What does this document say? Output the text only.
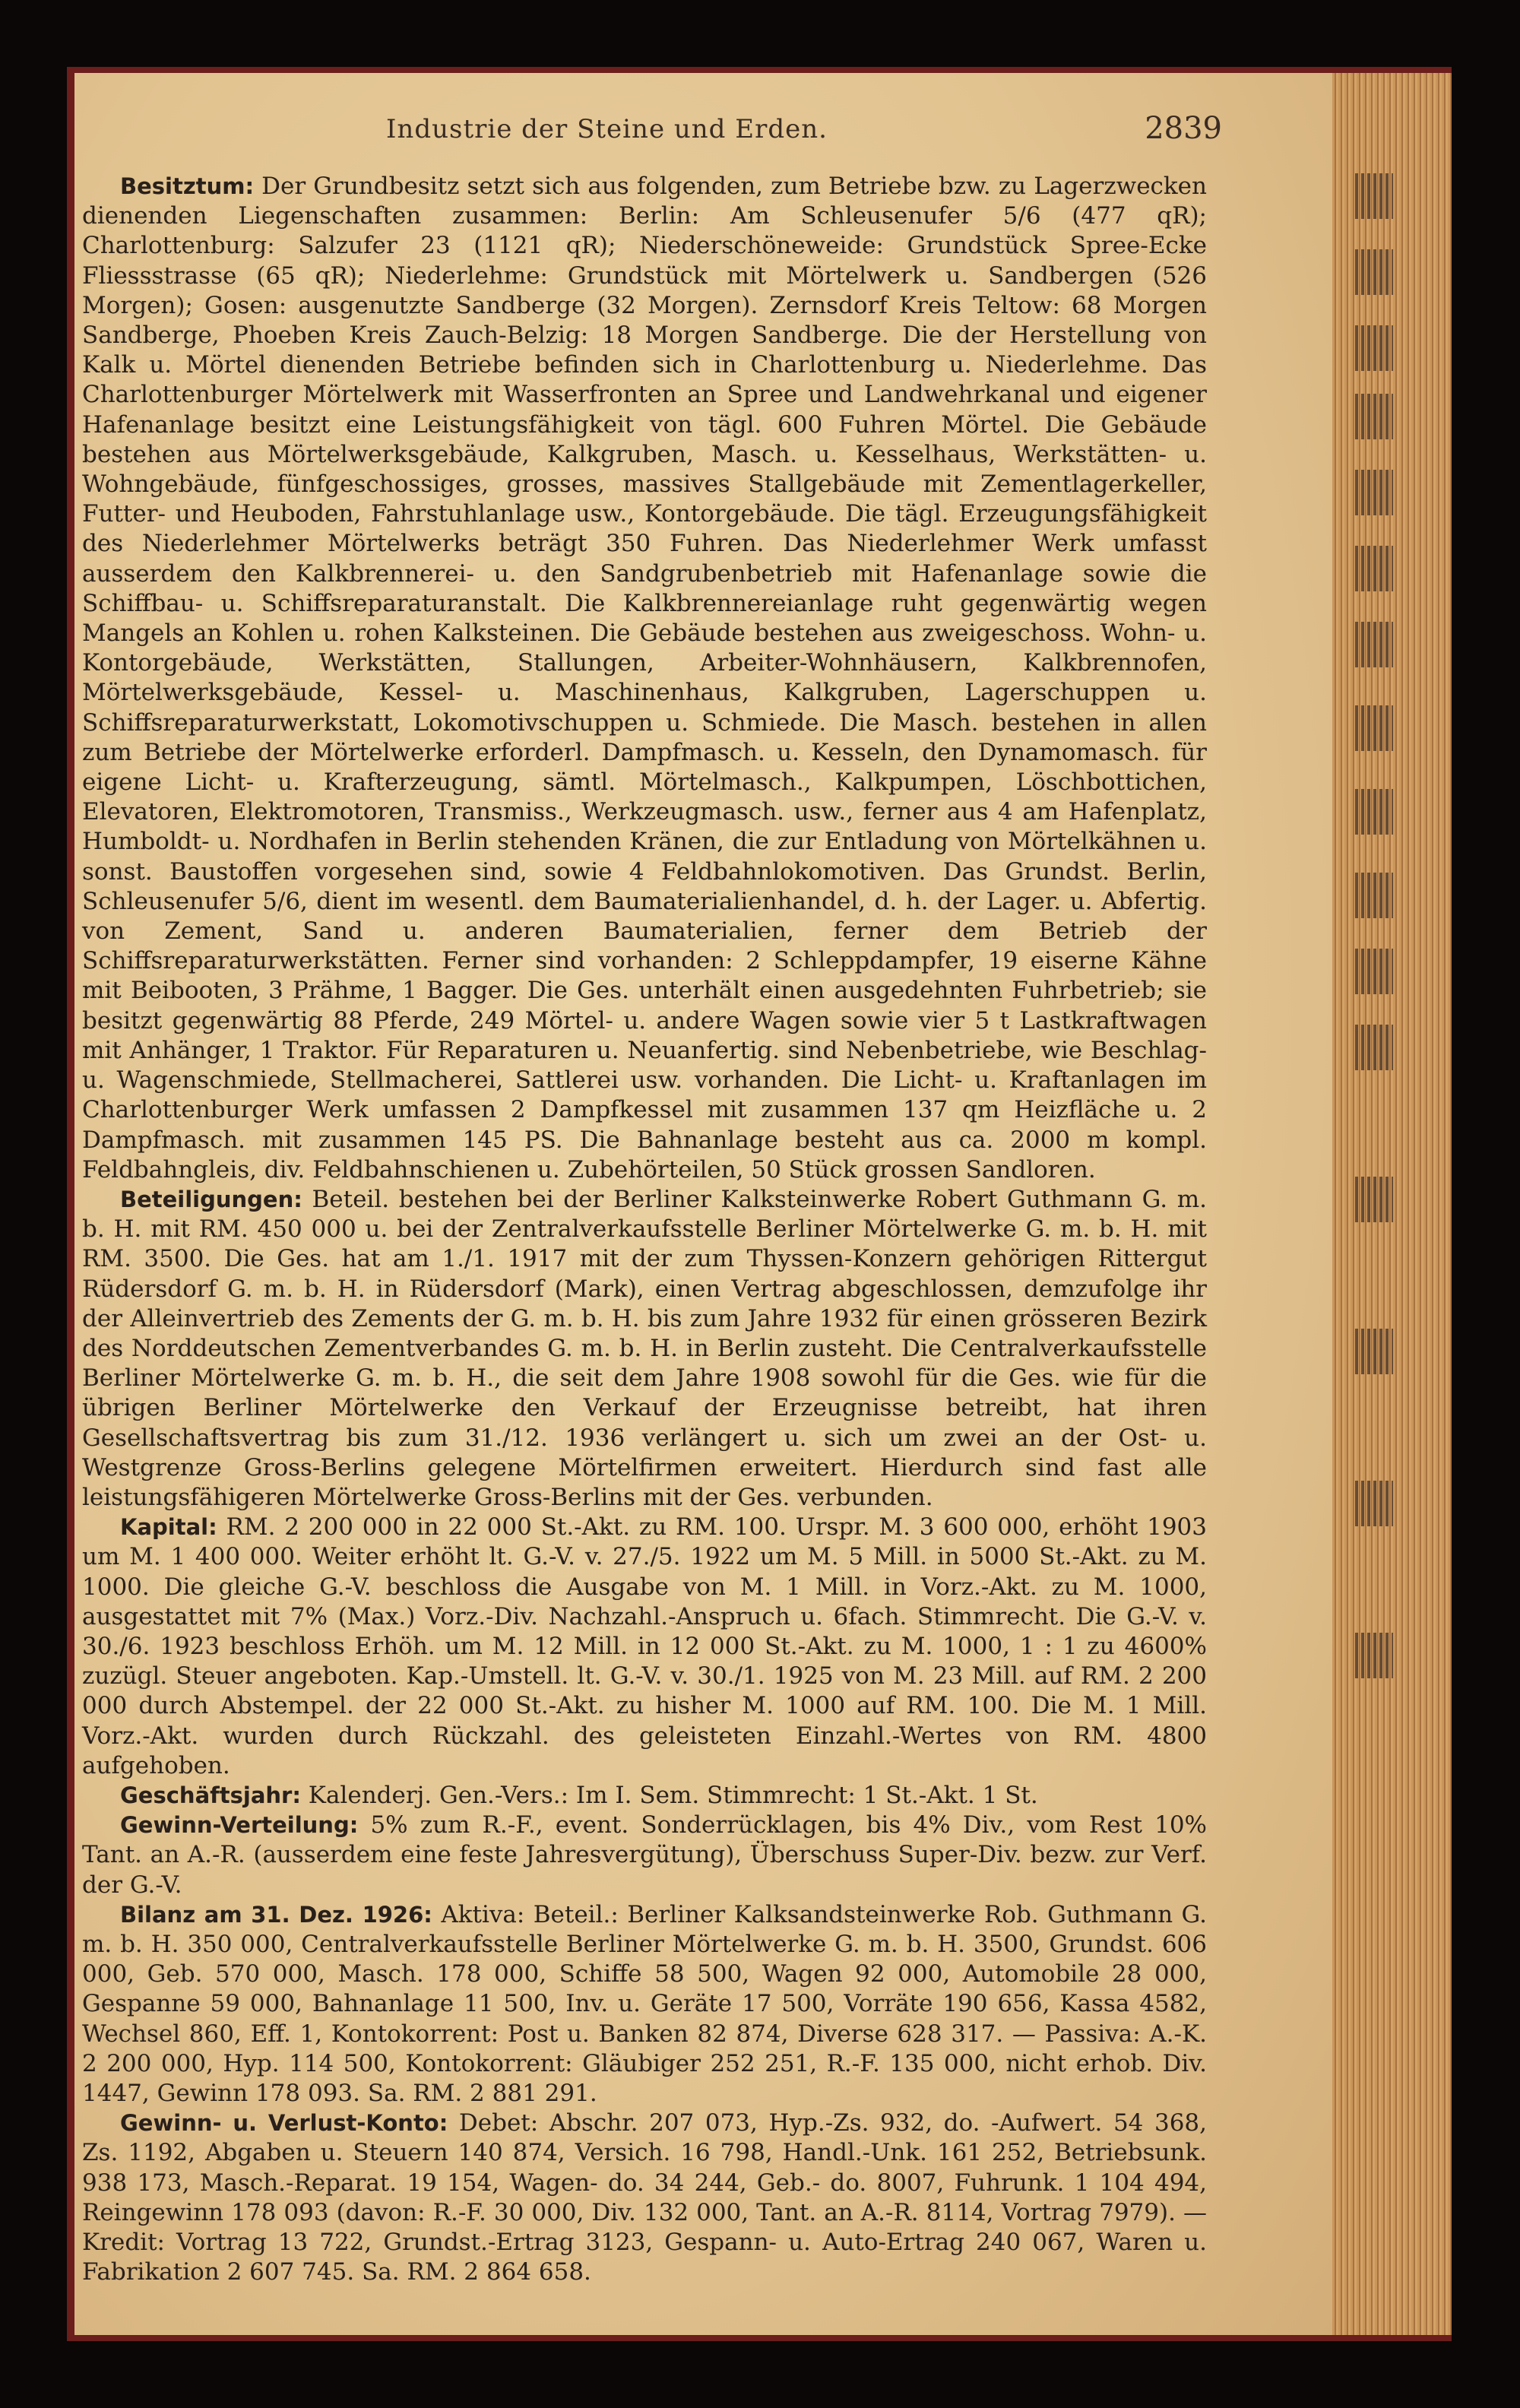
Industrie der Steine und Erden.	2839

Besitztum: Der Grundbesitz setzt sich aus folgenden, zum Betriebe bzw. zu Lagerzwecken dienenden Liegenschaften zusammen: Berlin: Am Schleusenufer 5/6 (477 qR); Charlottenburg: Salzufer 23 (1121 qR); Niederschöneweide: Grundstück Spree-Ecke Fliessstrasse (65 qR); Niederlehme: Grundstück mit Mörtelwerk u. Sandbergen (526 Morgen); Gosen: ausgenutzte Sandberge (32 Morgen). Zernsdorf Kreis Teltow: 68 Morgen Sandberge, Phoeben Kreis Zauch-Belzig: 18 Morgen Sandberge. Die der Herstellung von Kalk u. Mörtel dienenden Betriebe befinden sich in Charlottenburg u. Niederlehme. Das Charlottenburger Mörtelwerk mit Wasserfronten an Spree und Landwehrkanal und eigener Hafenanlage besitzt eine Leistungsfähigkeit von tägl. 600 Fuhren Mörtel. Die Gebäude bestehen aus Mörtelwerksgebäude, Kalkgruben, Masch. u. Kesselhaus, Werkstätten- u. Wohngebäude, fünfgeschossiges, grosses, massives Stallgebäude mit Zementlagerkeller, Futter- und Heuboden, Fahrstuhlanlage usw., Kontorgebäude. Die tägl. Erzeugungsfähigkeit des Niederlehmer Mörtelwerks beträgt 350 Fuhren. Das Niederlehmer Werk umfasst ausserdem den Kalkbrennerei- u. den Sandgrubenbetrieb mit Hafenanlage sowie die Schiffbau- u. Schiffsreparaturanstalt. Die Kalkbrennereianlage ruht gegenwärtig wegen Mangels an Kohlen u. rohen Kalksteinen. Die Gebäude bestehen aus zweigeschoss. Wohn- u. Kontorgebäude, Werkstätten, Stallungen, Arbeiter-Wohnhäusern, Kalkbrennofen, Mörtelwerksgebäude, Kessel- u. Maschinenhaus, Kalkgruben, Lagerschuppen u. Schiffsreparaturwerkstatt, Lokomotivschuppen u. Schmiede. Die Masch. bestehen in allen zum Betriebe der Mörtelwerke erforderl. Dampfmasch. u. Kesseln, den Dynamomasch. für eigene Licht- u. Krafterzeugung, sämtl. Mörtelmasch., Kalkpumpen, Löschbottichen, Elevatoren, Elektromotoren, Transmiss., Werkzeugmasch. usw., ferner aus 4 am Hafenplatz, Humboldt- u. Nordhafen in Berlin stehenden Kränen, die zur Entladung von Mörtelkähnen u. sonst. Baustoffen vorgesehen sind, sowie 4 Feldbahnlokomotiven. Das Grundst. Berlin, Schleusenufer 5/6, dient im wesentl. dem Baumaterialienhandel, d. h. der Lager. u. Abfertig. von Zement, Sand u. anderen Baumaterialien, ferner dem Betrieb der Schiffsreparaturwerkstätten. Ferner sind vorhanden: 2 Schleppdampfer, 19 eiserne Kähne mit Beibooten, 3 Prähme, 1 Bagger. Die Ges. unterhält einen ausgedehnten Fuhrbetrieb; sie besitzt gegenwärtig 88 Pferde, 249 Mörtel- u. andere Wagen sowie vier 5 t Lastkraftwagen mit Anhänger, 1 Traktor. Für Reparaturen u. Neuanfertig. sind Nebenbetriebe, wie Beschlag- u. Wagenschmiede, Stellmacherei, Sattlerei usw. vorhanden. Die Licht- u. Kraftanlagen im Charlottenburger Werk umfassen 2 Dampfkessel mit zusammen 137 qm Heizfläche u. 2 Dampfmasch. mit zusammen 145 PS. Die Bahnanlage besteht aus ca. 2000 m kompl. Feldbahngleis, div. Feldbahnschienen u. Zubehörteilen, 50 Stück grossen Sandloren.

Beteiligungen: Beteil. bestehen bei der Berliner Kalksteinwerke Robert Guthmann G. m. b. H. mit RM. 450 000 u. bei der Zentralverkaufsstelle Berliner Mörtelwerke G. m. b. H. mit RM. 3500. Die Ges. hat am 1./1. 1917 mit der zum Thyssen-Konzern gehörigen Rittergut Rüdersdorf G. m. b. H. in Rüdersdorf (Mark), einen Vertrag abgeschlossen, demzufolge ihr der Alleinvertrieb des Zements der G. m. b. H. bis zum Jahre 1932 für einen grösseren Bezirk des Norddeutschen Zementverbandes G. m. b. H. in Berlin zusteht. Die Centralverkaufsstelle Berliner Mörtelwerke G. m. b. H., die seit dem Jahre 1908 sowohl für die Ges. wie für die übrigen Berliner Mörtelwerke den Verkauf der Erzeugnisse betreibt, hat ihren Gesellschaftsvertrag bis zum 31./12. 1936 verlängert u. sich um zwei an der Ost- u. Westgrenze Gross-Berlins gelegene Mörtelfirmen erweitert. Hierdurch sind fast alle leistungsfähigeren Mörtelwerke Gross-Berlins mit der Ges. verbunden.

Kapital: RM. 2 200 000 in 22 000 St.-Akt. zu RM. 100. Urspr. M. 3 600 000, erhöht 1903 um M. 1 400 000. Weiter erhöht lt. G.-V. v. 27./5. 1922 um M. 5 Mill. in 5000 St.-Akt. zu M. 1000. Die gleiche G.-V. beschloss die Ausgabe von M. 1 Mill. in Vorz.-Akt. zu M. 1000, ausgestattet mit 7% (Max.) Vorz.-Div. Nachzahl.-Anspruch u. 6fach. Stimmrecht. Die G.-V. v. 30./6. 1923 beschloss Erhöh. um M. 12 Mill. in 12 000 St.-Akt. zu M. 1000, 1 : 1 zu 4600% zuzügl. Steuer angeboten. Kap.-Umstell. lt. G.-V. v. 30./1. 1925 von M. 23 Mill. auf RM. 2 200 000 durch Abstempel. der 22 000 St.-Akt. zu hisher M. 1000 auf RM. 100. Die M. 1 Mill. Vorz.-Akt. wurden durch Rückzahl. des geleisteten Einzahl.-Wertes von RM. 4800 aufgehoben.

Geschäftsjahr: Kalenderj. Gen.-Vers.: Im I. Sem. Stimmrecht: 1 St.-Akt. 1 St.

Gewinn-Verteilung: 5% zum R.-F., event. Sonderrücklagen, bis 4% Div., vom Rest 10% Tant. an A.-R. (ausserdem eine feste Jahresvergütung), Überschuss Super-Div. bezw. zur Verf. der G.-V.

Bilanz am 31. Dez. 1926: Aktiva: Beteil.: Berliner Kalksandsteinwerke Rob. Guthmann G. m. b. H. 350 000, Centralverkaufsstelle Berliner Mörtelwerke G. m. b. H. 3500, Grundst. 606 000, Geb. 570 000, Masch. 178 000, Schiffe 58 500, Wagen 92 000, Automobile 28 000, Gespanne 59 000, Bahnanlage 11 500, Inv. u. Geräte 17 500, Vorräte 190 656, Kassa 4582, Wechsel 860, Eff. 1, Kontokorrent: Post u. Banken 82 874, Diverse 628 317. — Passiva: A.-K. 2 200 000, Hyp. 114 500, Kontokorrent: Gläubiger 252 251, R.-F. 135 000, nicht erhob. Div. 1447, Gewinn 178 093. Sa. RM. 2 881 291.

Gewinn- u. Verlust-Konto: Debet: Abschr. 207 073, Hyp.-Zs. 932, do. -Aufwert. 54 368, Zs. 1192, Abgaben u. Steuern 140 874, Versich. 16 798, Handl.-Unk. 161 252, Betriebsunk. 938 173, Masch.-Reparat. 19 154, Wagen- do. 34 244, Geb.- do. 8007, Fuhrunk. 1 104 494, Reingewinn 178 093 (davon: R.-F. 30 000, Div. 132 000, Tant. an A.-R. 8114, Vortrag 7979). — Kredit: Vortrag 13 722, Grundst.-Ertrag 3123, Gespann- u. Auto-Ertrag 240 067, Waren u. Fabrikation 2 607 745. Sa. RM. 2 864 658.
